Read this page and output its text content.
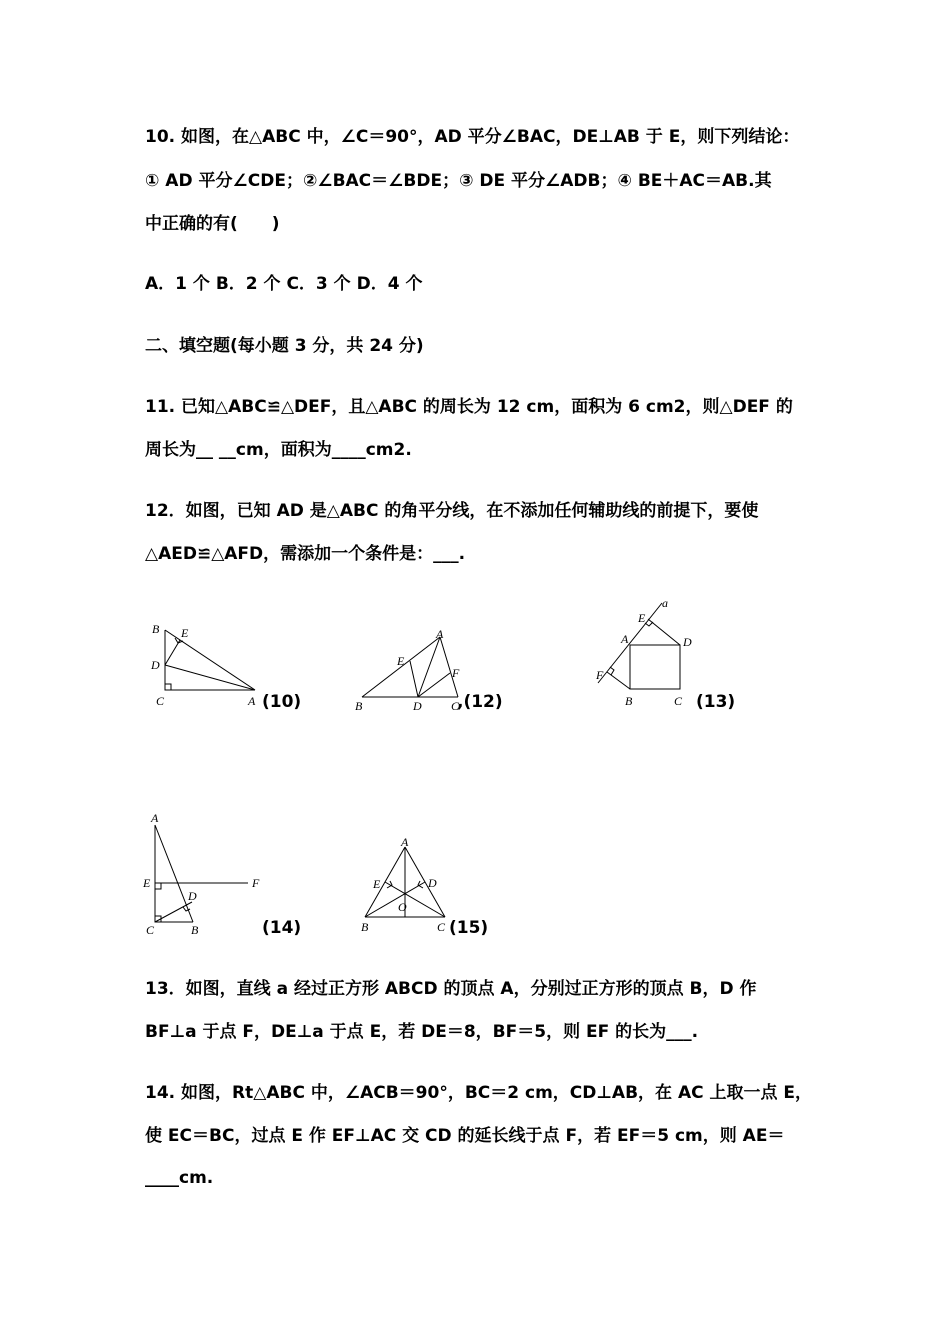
10. 如图，在△ABC 中，∠C＝90°，AD 平分∠BAC，DE⊥AB 于 E，则下列结论：
① AD 平分∠CDE；②∠BAC＝∠BDE；③ DE 平分∠ADB；④ BE＋AC＝AB.其
中正确的有(　　)
A．1 个 B．2 个 C．3 个 D．4 个
二、填空题(每小题 3 分，共 24 分)
11. 已知△ABC≌△DEF，且△ABC 的周长为 12 cm，面积为 6 cm2，则△DEF 的
周长为__ __cm，面积为____cm2.
12．如图，已知 AD 是△ABC 的角平分线，在不添加任何辅助线的前提下，要使
△AED≌△AFD，需添加一个条件是：___.
B E
D
C	A (10)
A
E
F
B	D C
,(12)
a
E
A	D
F
B	C (13)
A
E	F
D
C	B	(14)
A
E	D
O
B	C (15)
13．如图，直线 a 经过正方形 ABCD 的顶点 A，分别过正方形的顶点 B，D 作
BF⊥a 于点 F，DE⊥a 于点 E，若 DE＝8，BF＝5，则 EF 的长为___.
14. 如图，Rt△ABC 中，∠ACB＝90°，BC＝2 cm，CD⊥AB，在 AC 上取一点 E，
使 EC＝BC，过点 E 作 EF⊥AC 交 CD 的延长线于点 F，若 EF＝5 cm，则 AE＝
____cm.
